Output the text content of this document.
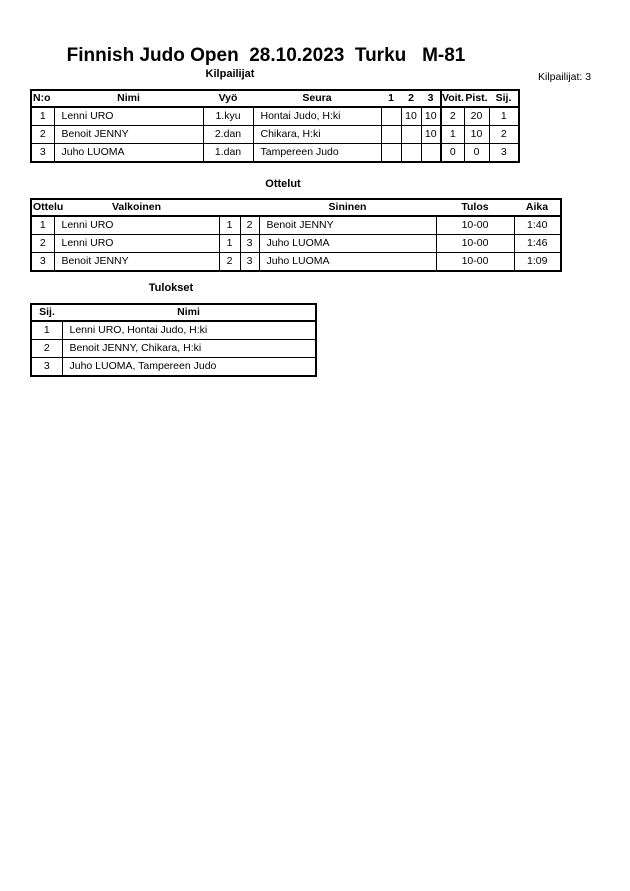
Finnish Judo Open  28.10.2023  Turku   M-81
Kilpailijat	Kilpailijat: 3
N:o	Nimi	Vyö	Seura	1	2	3	Voit.	Pist.	Sij.
1	Lenni URO	1.kyu	Hontai Judo, H:ki		10	10	2	20	1
2	Benoit JENNY	2.dan	Chikara, H:ki			10	1	10	2
3	Juho LUOMA	1.dan	Tampereen Judo				0	0	3
Ottelut
Ottelu	Valkoinen			Sininen	Tulos	Aika
1	Lenni URO	1	2	Benoit JENNY	10-00	1:40
2	Lenni URO	1	3	Juho LUOMA	10-00	1:46
3	Benoit JENNY	2	3	Juho LUOMA	10-00	1:09
Tulokset
Sij.	Nimi
1	Lenni URO, Hontai Judo, H:ki
2	Benoit JENNY, Chikara, H:ki
3	Juho LUOMA, Tampereen Judo
